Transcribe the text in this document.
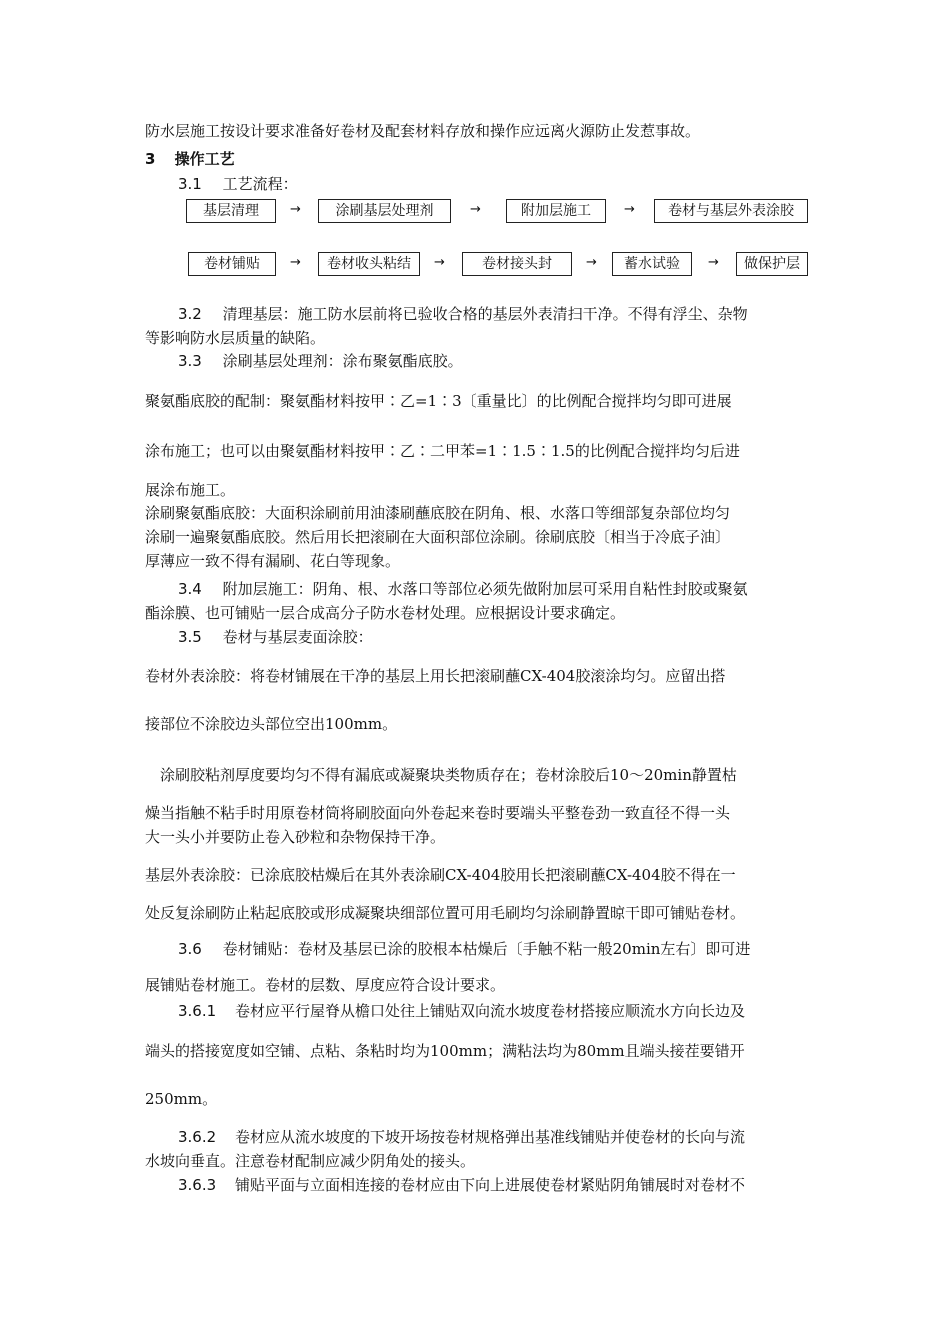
防水层施工按设计要求准备好卷材及配套材料存放和操作应远离火源防止发惹事故。
3 操作工艺
3.1 工艺流程：
基层清理	→	涂刷基层处理剂	→	附加层施工	→	卷材与基层外表涂胶
卷材铺贴	→	卷材收头粘结	→	卷材接头封	→	蓄水试验	→	做保护层
3.2 清理基层：施工防水层前将已验收合格的基层外表清扫干净。不得有浮尘、杂物
等影响防水层质量的缺陷。
3.3 涂刷基层处理剂：涂布聚氨酯底胶。
聚氨酯底胶的配制：聚氨酯材料按甲∶乙=1∶3〔重量比〕的比例配合搅拌均匀即可进展
涂布施工；也可以由聚氨酯材料按甲∶乙∶二甲苯=1∶1.5∶1.5的比例配合搅拌均匀后进
展涂布施工。
涂刷聚氨酯底胶：大面积涂刷前用油漆刷蘸底胶在阴角、根、水落口等细部复杂部位均匀
涂刷一遍聚氨酯底胶。然后用长把滚刷在大面积部位涂刷。徐刷底胶〔相当于冷底子油〕
厚薄应一致不得有漏刷、花白等现象。
3.4 附加层施工：阴角、根、水落口等部位必须先做附加层可采用自粘性封胶或聚氨
酯涂膜、也可铺贴一层合成高分子防水卷材处理。应根据设计要求确定。
3.5 卷材与基层麦面涂胶：
卷材外表涂胶：将卷材铺展在干净的基层上用长把滚刷蘸CX-404胶滚涂均匀。应留出搭
接部位不涂胶边头部位空出100mm。
涂刷胶粘剂厚度要均匀不得有漏底或凝聚块类物质存在；卷材涂胶后10～20min静置枯
燥当指触不粘手时用原卷材筒将刷胶面向外卷起来卷时要端头平整卷劲一致直径不得一头
大一头小并要防止卷入砂粒和杂物保持干净。
基层外表涂胶：已涂底胶枯燥后在其外表涂刷CX-404胶用长把滚刷蘸CX-404胶不得在一
处反复涂刷防止粘起底胶或形成凝聚块细部位置可用毛刷均匀涂刷静置晾干即可铺贴卷材。
3.6 卷材铺贴：卷材及基层已涂的胶根本枯燥后〔手触不粘一般20min左右〕即可进
展铺贴卷材施工。卷材的层数、厚度应符合设计要求。
3.6.1 卷材应平行屋脊从檐口处往上铺贴双向流水坡度卷材搭接应顺流水方向长边及
端头的搭接宽度如空铺、点粘、条粘时均为100mm；满粘法均为80mm且端头接茬要错开
250mm。
3.6.2 卷材应从流水坡度的下坡开场按卷材规格弹出基准线铺贴并使卷材的长向与流
水坡向垂直。注意卷材配制应减少阴角处的接头。
3.6.3 铺贴平面与立面相连接的卷材应由下向上进展使卷材紧贴阴角铺展时对卷材不
